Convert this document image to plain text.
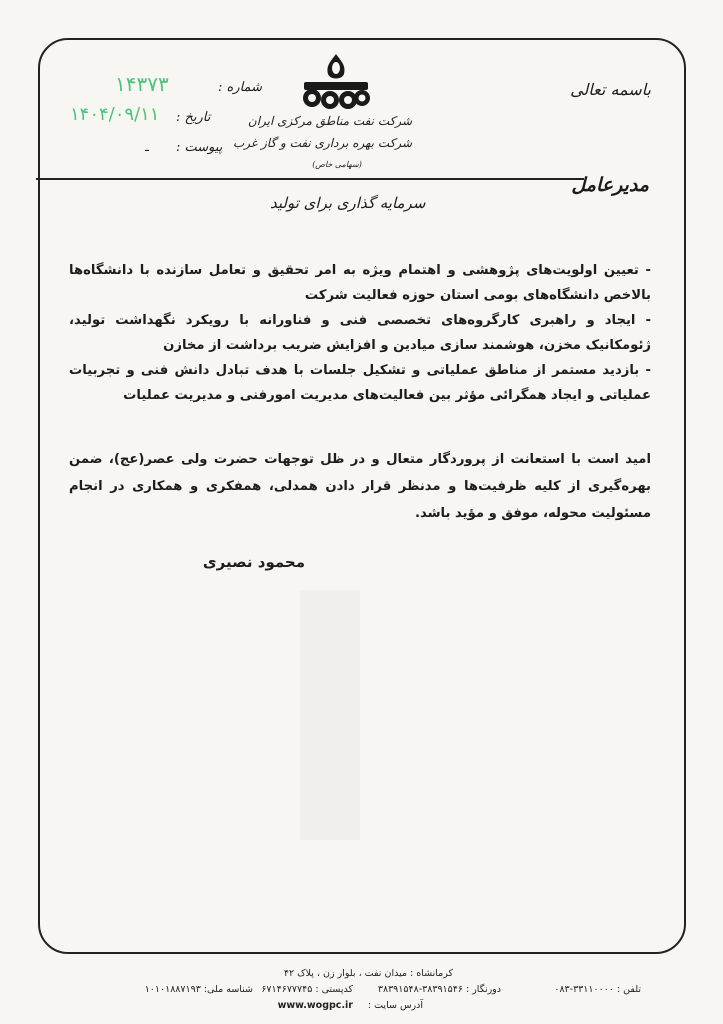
باسمه تعالی
شماره :
۱۴۳۷۳
تاریخ :
۱۴۰۴/۰۹/۱۱
پیوست :
ـ
شرکت نفت مناطق مرکزی ایران
شرکت بهره برداری نفت و گاز غرب
(سهامی خاص)
مدیرعامل
سرمایه گذاری برای تولید

- تعیین اولویت‌های پژوهشی و اهتمام ویژه به امر تحقیق و تعامل سازنده با دانشگاه‌ها بالاخص دانشگاه‌های بومی استان حوزه فعالیت شرکت

- ایجاد و راهبری کارگروه‌های تخصصی فنی و فناورانه با رویکرد نگهداشت تولید، ژئومکانیک مخزن، هوشمند سازی میادین و افزایش ضریب برداشت از مخازن

- بازدید مستمر از مناطق عملیاتی و تشکیل جلسات با هدف تبادل دانش فنی و تجربیات عملیاتی و ایجاد همگرائی مؤثر بین فعالیت‌های مدیریت امورفنی و مدیریت عملیات

امید است با استعانت از پروردگار متعال و در ظل توجهات حضرت ولی عصر(عج)، ضمن بهره‌گیری از کلیه ظرفیت‌ها و مدنظر قرار دادن همدلی، همفکری و همکاری در انجام مسئولیت محوله، موفق و مؤید باشد.

محمود نصیری
کرمانشاه : میدان نفت ، بلوار زن ، پلاک ۴۲
تلفن : ۳۳۱۱۰۰۰۰-۰۸۳
دورنگار : ۳۸۳۹۱۵۴۶-۳۸۳۹۱۵۴۸
کدپستی : ۶۷۱۴۶۷۷۷۴۵
شناسه ملی: ۱۰۱۰۱۸۸۷۱۹۳
آدرس سایت :
www.wogpc.ir
